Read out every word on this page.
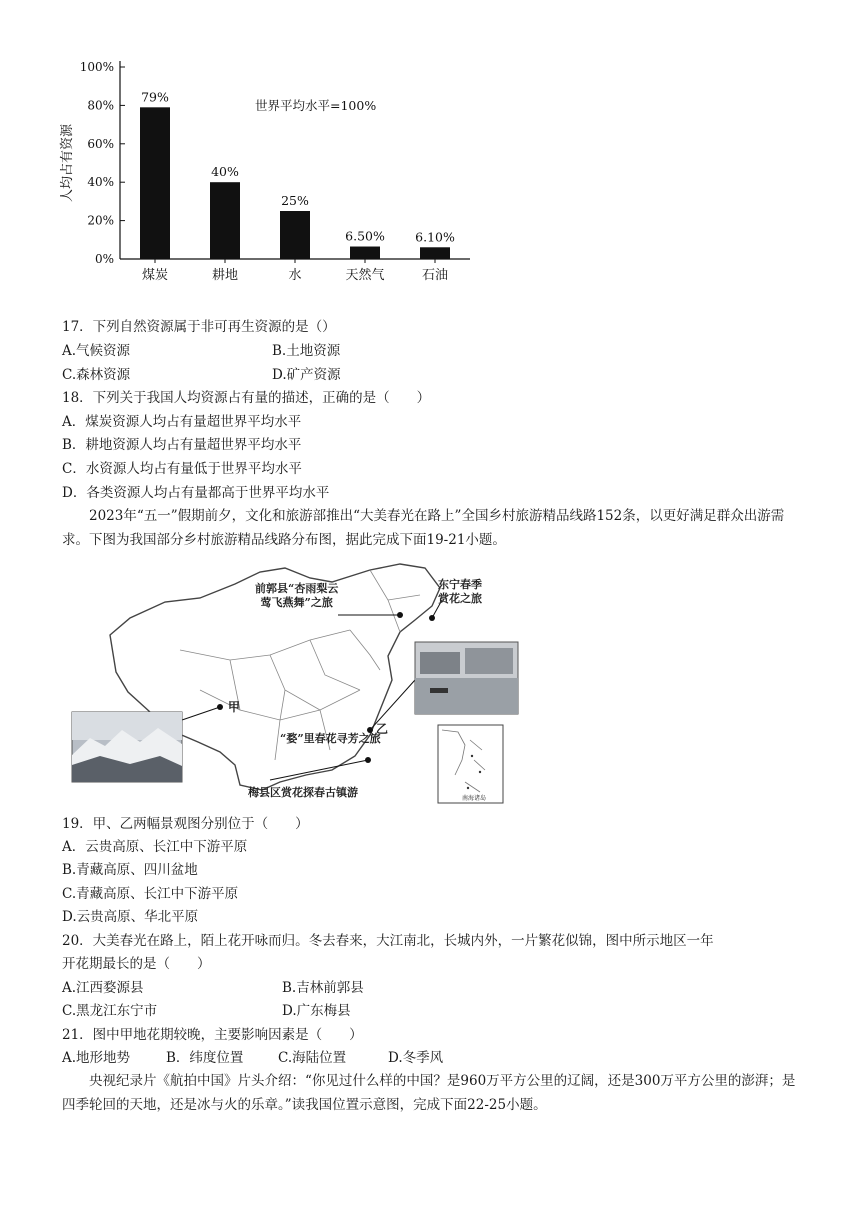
0%
20%
40%
60%
80%
100%
人均占有资源
世界平均水平=100%
79%
煤炭
40%
耕地
25%
水
6.50%
天然气
6.10%
石油
17．下列自然资源属于非可再生资源的是（）
A.气候资源	B.土地资源
C.森林资源	D.矿产资源
18．下列关于我国人均资源占有量的描述，正确的是（　　）
A．煤炭资源人均占有量超世界平均水平
B．耕地资源人均占有量超世界平均水平
C．水资源人均占有量低于世界平均水平
D．各类资源人均占有量都高于世界平均水平
2023年“五一”假期前夕，文化和旅游部推出“大美春光在路上”全国乡村旅游精品线路152条，以更好满足群众出游需求。下图为我国部分乡村旅游精品线路分布图，据此完成下面19-21小题。
前郭县“杏雨梨云
莺飞燕舞”之旅
东宁春季
赏花之旅
甲
乙
“婺”里春花寻芳之旅
梅县区赏花探春古镇游	南海诸岛
19．甲、乙两幅景观图分别位于（　　）
A．云贵高原、长江中下游平原
B.青藏高原、四川盆地
C.青藏高原、长江中下游平原
D.云贵高原、华北平原
20．大美春光在路上，陌上花开咏而归。冬去春来，大江南北，长城内外，一片繁花似锦，图中所示地区一年
开花期最长的是（　　）
A.江西婺源县	B.吉林前郭县
C.黑龙江东宁市	D.广东梅县
21．图中甲地花期较晚，主要影响因素是（　　）
A.地形地势	B．纬度位置	C.海陆位置	D.冬季风
央视纪录片《航拍中国》片头介绍：“你见过什么样的中国？是960万平方公里的辽阔，还是300万平方公里的澎湃；是四季轮回的天地，还是冰与火的乐章。”读我国位置示意图，完成下面22-25小题。
